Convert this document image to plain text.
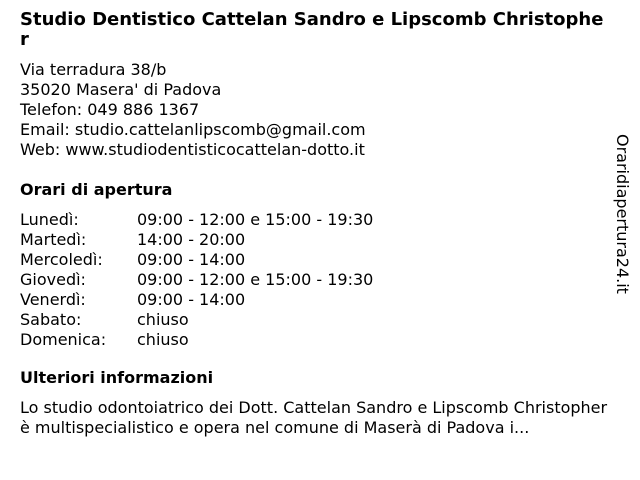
Studio Dentistico Cattelan Sandro e Lipscomb Christopher
Via terradura 38/b
35020 Masera' di Padova
Telefon: 049 886 1367
Email: studio.cattelanlipscomb@gmail.com
Web: www.studiodentisticocattelan-dotto.it
Orari di apertura
Lunedì:	09:00 - 12:00 e 15:00 - 19:30
Martedì:	14:00 - 20:00
Mercoledì:	09:00 - 14:00
Giovedì:	09:00 - 12:00 e 15:00 - 19:30
Venerdì:	09:00 - 14:00
Sabato:	chiuso
Domenica:	chiuso
Ulteriori informazioni
Lo studio odontoiatrico dei Dott. Cattelan Sandro e Lipscomb Christopher è multispecialistico e opera nel comune di Maserà di Padova i...
Oraridiapertura24.it
